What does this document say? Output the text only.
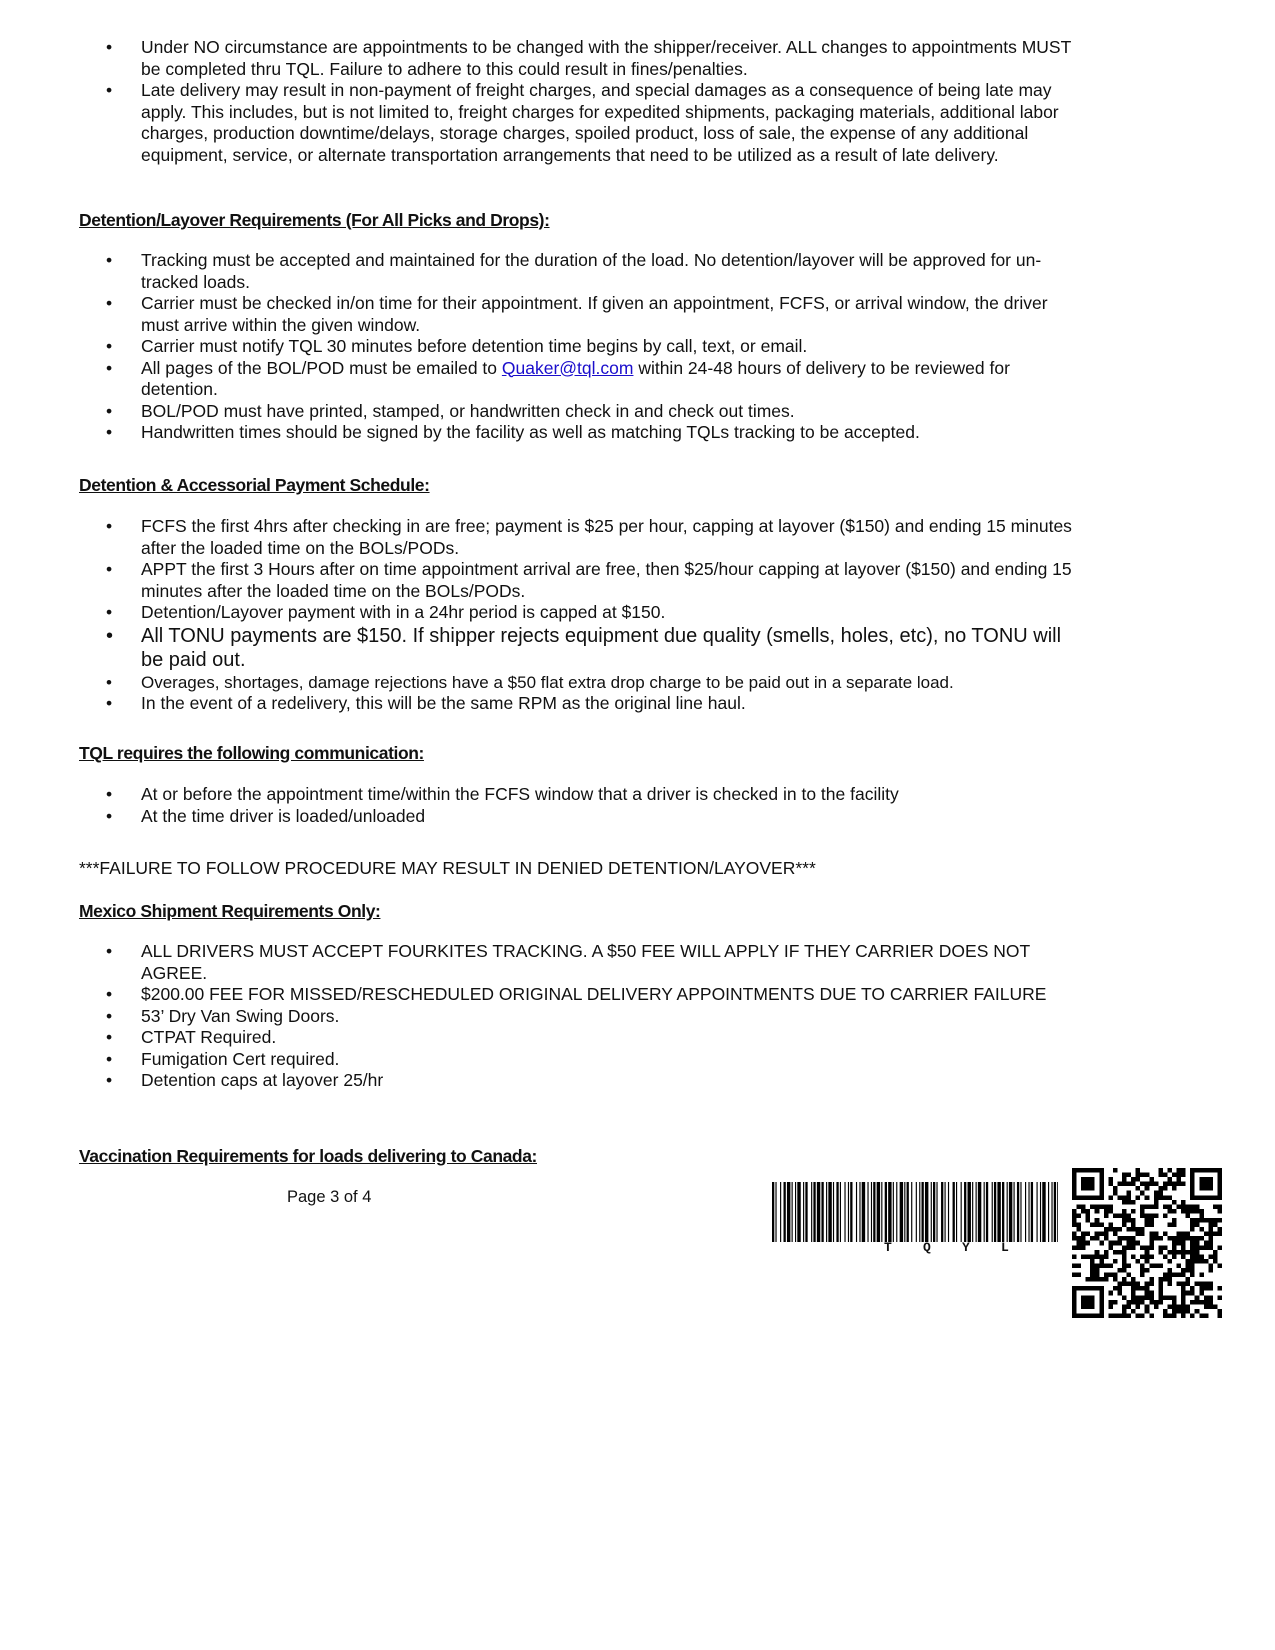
• Under NO circumstance are appointments to be changed with the shipper/receiver. ALL changes to appointments MUST be completed thru TQL. Failure to adhere to this could result in fines/penalties.
• Late delivery may result in non-payment of freight charges, and special damages as a consequence of being late may apply. This includes, but is not limited to, freight charges for expedited shipments, packaging materials, additional labor charges, production downtime/delays, storage charges, spoiled product, loss of sale, the expense of any additional equipment, service, or alternate transportation arrangements that need to be utilized as a result of late delivery.
Detention/Layover Requirements (For All Picks and Drops):
• Tracking must be accepted and maintained for the duration of the load. No detention/layover will be approved for un-tracked loads.
• Carrier must be checked in/on time for their appointment. If given an appointment, FCFS, or arrival window, the driver must arrive within the given window.
• Carrier must notify TQL 30 minutes before detention time begins by call, text, or email.
• All pages of the BOL/POD must be emailed to Quaker@tql.com within 24-48 hours of delivery to be reviewed for detention.
• BOL/POD must have printed, stamped, or handwritten check in and check out times.
• Handwritten times should be signed by the facility as well as matching TQLs tracking to be accepted.
Detention & Accessorial Payment Schedule:
• FCFS the first 4hrs after checking in are free; payment is $25 per hour, capping at layover ($150) and ending 15 minutes after the loaded time on the BOLs/PODs.
• APPT the first 3 Hours after on time appointment arrival are free, then $25/hour capping at layover ($150) and ending 15 minutes after the loaded time on the BOLs/PODs.
• Detention/Layover payment with in a 24hr period is capped at $150.
• All TONU payments are $150. If shipper rejects equipment due quality (smells, holes, etc), no TONU will be paid out.
• Overages, shortages, damage rejections have a $50 flat extra drop charge to be paid out in a separate load.
• In the event of a redelivery, this will be the same RPM as the original line haul.
TQL requires the following communication:
• At or before the appointment time/within the FCFS window that a driver is checked in to the facility
• At the time driver is loaded/unloaded
***FAILURE TO FOLLOW PROCEDURE MAY RESULT IN DENIED DETENTION/LAYOVER***
Mexico Shipment Requirements Only:
• ALL DRIVERS MUST ACCEPT FOURKITES TRACKING. A $50 FEE WILL APPLY IF THEY CARRIER DOES NOT AGREE.
• $200.00 FEE FOR MISSED/RESCHEDULED ORIGINAL DELIVERY APPOINTMENTS DUE TO CARRIER FAILURE
• 53’ Dry Van Swing Doors.
• CTPAT Required.
• Fumigation Cert required.
• Detention caps at layover 25/hr
Vaccination Requirements for loads delivering to Canada:
Page 3 of 4
T Q Y L
